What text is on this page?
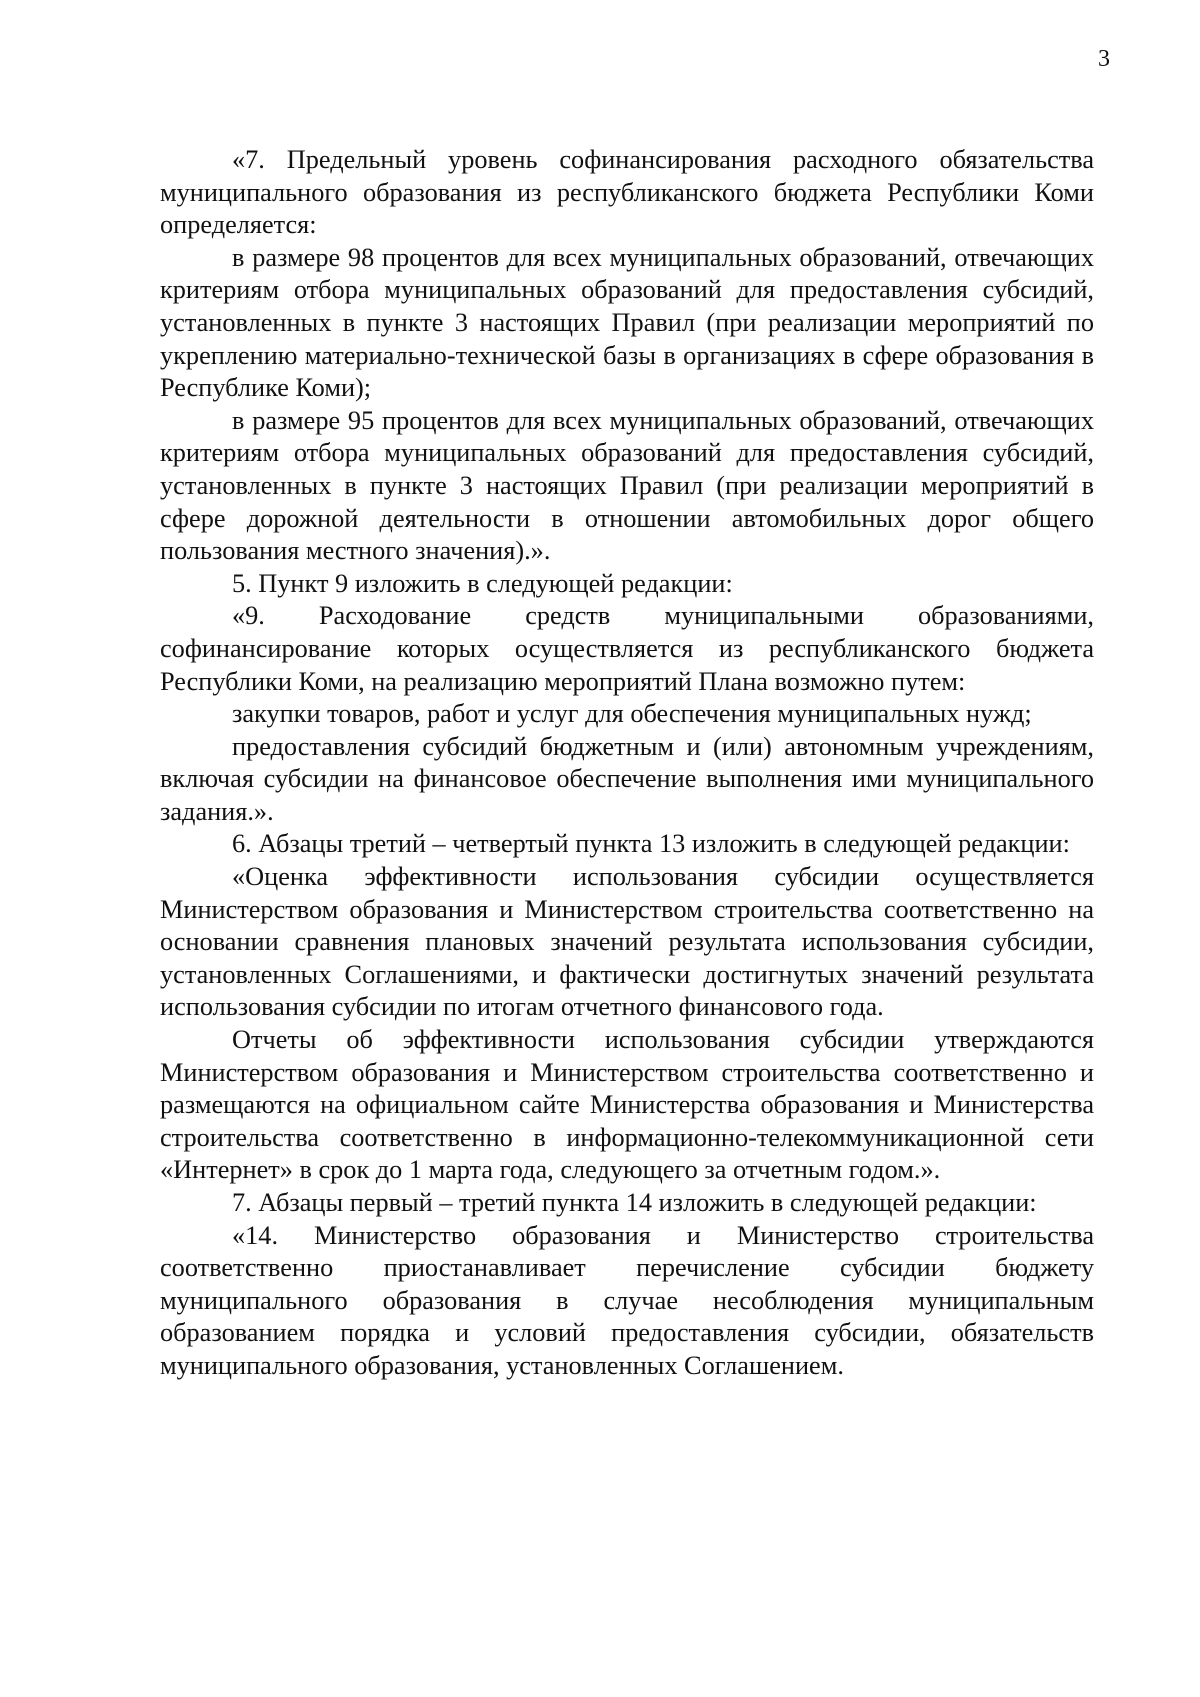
3

«7. Предельный уровень софинансирования расходного обязательства муниципального образования из республиканского бюджета Республики Коми определяется:

в размере 98 процентов для всех муниципальных образований, отвечающих критериям отбора муниципальных образований для предоставления субсидий, установленных в пункте 3 настоящих Правил (при реализации мероприятий по укреплению материально-технической базы в организациях в сфере образования в Республике Коми);

в размере 95 процентов для всех муниципальных образований, отвечающих критериям отбора муниципальных образований для предоставления субсидий, установленных в пункте 3 настоящих Правил (при реализации мероприятий в сфере дорожной деятельности в отношении автомобильных дорог общего пользования местного значения).».

5. Пункт 9 изложить в следующей редакции:

«9. Расходование средств муниципальными образованиями, софинансирование которых осуществляется из республиканского бюджета Республики Коми, на реализацию мероприятий Плана возможно путем:

закупки товаров, работ и услуг для обеспечения муниципальных нужд;

предоставления субсидий бюджетным и (или) автономным учреждениям, включая субсидии на финансовое обеспечение выполнения ими муниципального задания.».

6. Абзацы третий – четвертый пункта 13 изложить в следующей редакции:

«Оценка эффективности использования субсидии осуществляется Министерством образования и Министерством строительства соответственно на основании сравнения плановых значений результата использования субсидии, установленных Соглашениями, и фактически достигнутых значений результата использования субсидии по итогам отчетного финансового года.

Отчеты об эффективности использования субсидии утверждаются Министерством образования и Министерством строительства соответственно и размещаются на официальном сайте Министерства образования и Министерства строительства соответственно в информационно-телекоммуникационной сети «Интернет» в срок до 1 марта года, следующего за отчетным годом.».

7. Абзацы первый – третий пункта 14 изложить в следующей редакции:

«14. Министерство образования и Министерство строительства соответственно приостанавливает перечисление субсидии бюджету муниципального образования в случае несоблюдения муниципальным образованием порядка и условий предоставления субсидии, обязательств муниципального образования, установленных Соглашением.
